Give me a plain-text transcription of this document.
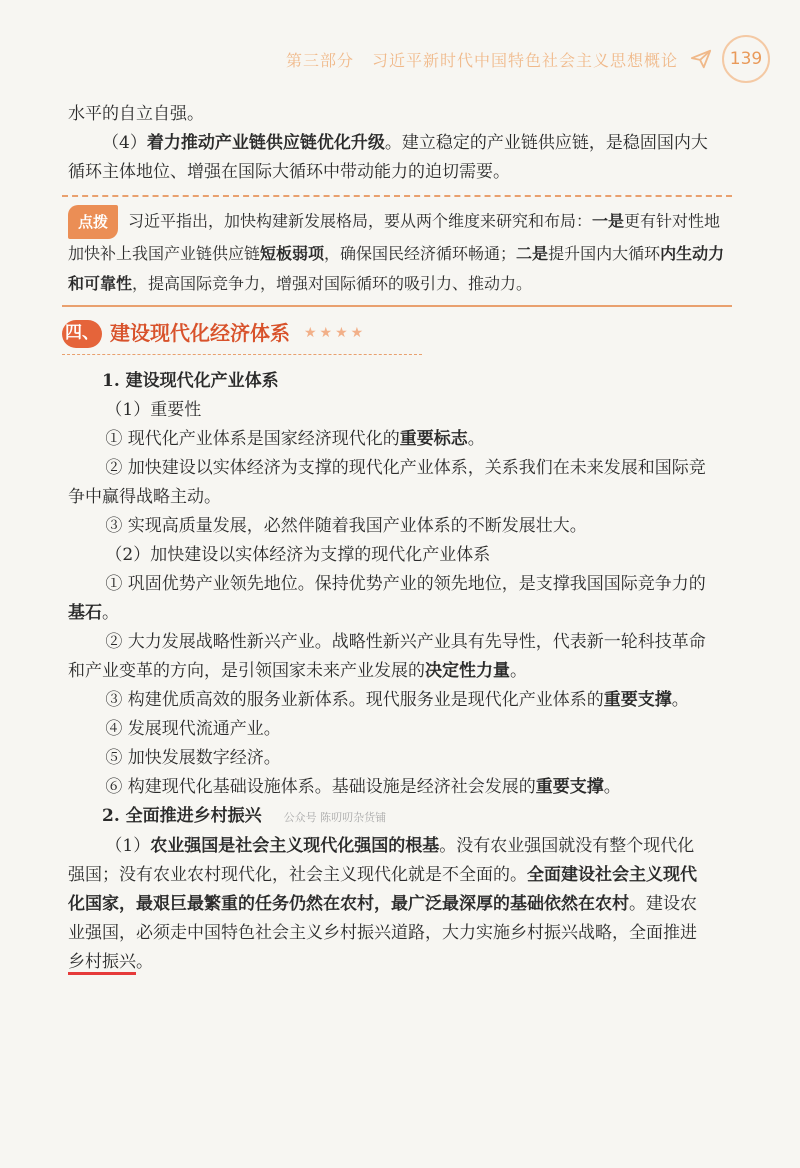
第三部分 习近平新时代中国特色社会主义思想概论	139

水平的自立自强。

（4）着力推动产业链供应链优化升级。建立稳定的产业链供应链，是稳固国内大循环主体地位、增强在国际大循环中带动能力的迫切需要。

点拨 习近平指出，加快构建新发展格局，要从两个维度来研究和布局：一是更有针对性地加快补上我国产业链供应链短板弱项，确保国民经济循环畅通；二是提升国内大循环内生动力和可靠性，提高国际竞争力，增强对国际循环的吸引力、推动力。
四、 建设现代化经济体系 ★★★★

1. 建设现代化产业体系

（1）重要性

① 现代化产业体系是国家经济现代化的重要标志。

② 加快建设以实体经济为支撑的现代化产业体系，关系我们在未来发展和国际竞争中赢得战略主动。

③ 实现高质量发展，必然伴随着我国产业体系的不断发展壮大。

（2）加快建设以实体经济为支撑的现代化产业体系

① 巩固优势产业领先地位。保持优势产业的领先地位，是支撑我国国际竞争力的基石。

② 大力发展战略性新兴产业。战略性新兴产业具有先导性，代表新一轮科技革命和产业变革的方向，是引领国家未来产业发展的决定性力量。

③ 构建优质高效的服务业新体系。现代服务业是现代化产业体系的重要支撑。

④ 发展现代流通产业。

⑤ 加快发展数字经济。

⑥ 构建现代化基础设施体系。基础设施是经济社会发展的重要支撑。

2. 全面推进乡村振兴 公众号 陈叨叨杂货铺

（1）农业强国是社会主义现代化强国的根基。没有农业强国就没有整个现代化强国；没有农业农村现代化，社会主义现代化就是不全面的。全面建设社会主义现代化国家，最艰巨最繁重的任务仍然在农村，最广泛最深厚的基础依然在农村。建设农业强国，必须走中国特色社会主义乡村振兴道路，大力实施乡村振兴战略，全面推进乡村振兴。
